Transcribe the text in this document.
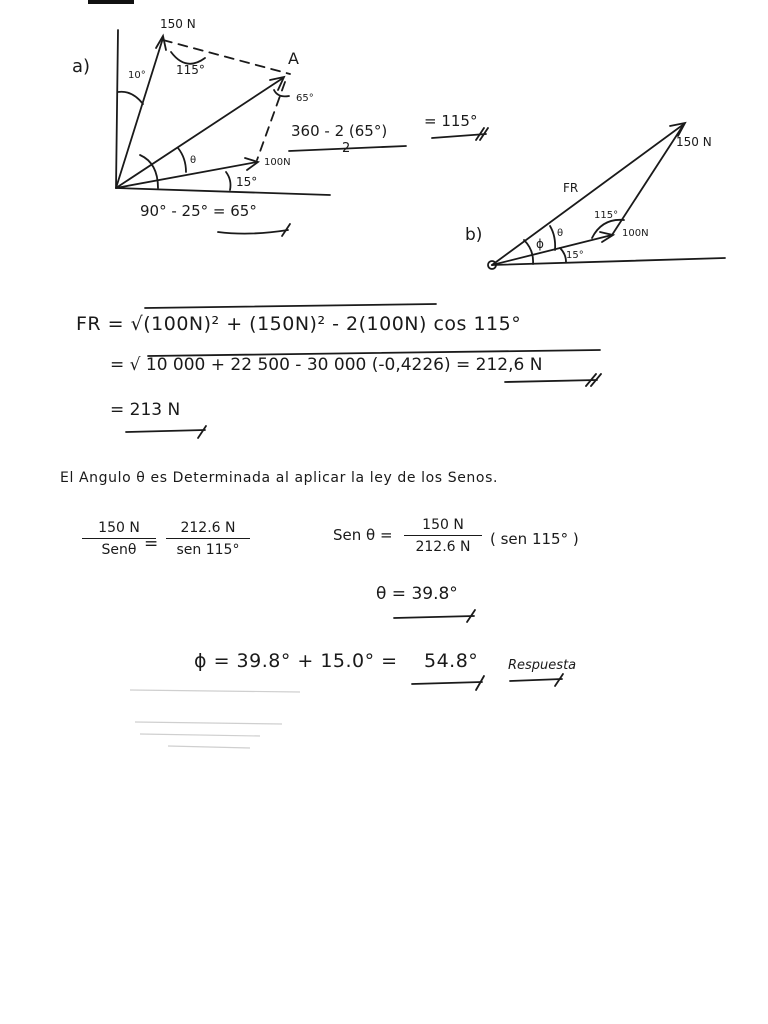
a)
150 N
A
10°	115°
65°
θ	100N
15°
360 - 2 (65°)
2
= 115°
90° - 25° = 65°
b)
FR
150 N
115°
100N
ϕ
θ
15°
FR = √(100N)² + (150N)² - 2(100N) cos 115°
= √ 10 000 + 22 500 - 30 000 (-0,4226) = 212,6 N
= 213 N
El Angulo θ es Determinada al aplicar la ley de los Senos.
150 N
Senθ =
212.6 N
sen 115°
Sen $\theta = \frac{150 N}{212.6 N}$ ( sen 115° )
θ = 39.8°
ϕ = 39.8° + 15.0° = 54.8° Respuesta
